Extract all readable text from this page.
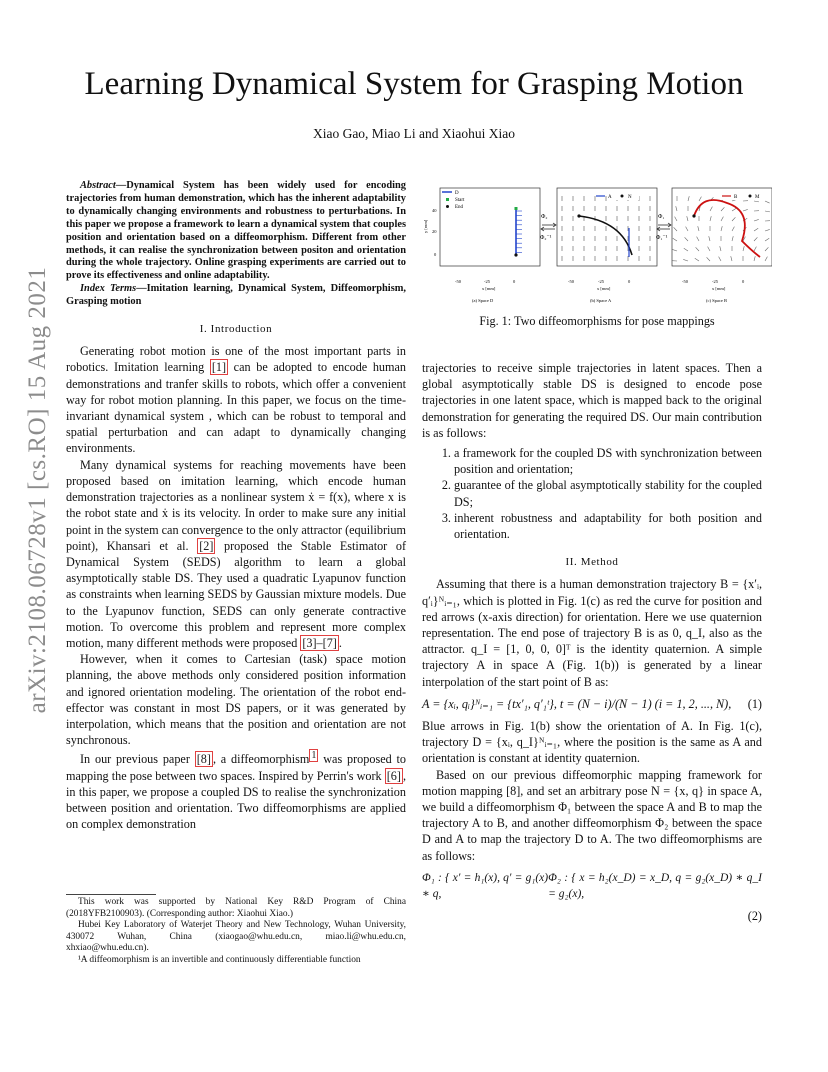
arXiv:2108.06728v1 [cs.RO] 15 Aug 2021
Learning Dynamical System for Grasping Motion
Xiao Gao, Miao Li and Xiaohui Xiao

Abstract—Dynamical System has been widely used for encoding trajectories from human demonstration, which has the inherent adaptability to dynamically changing environments and robustness to perturbations. In this paper we propose a framework to learn a dynamical system that couples position and orientation based on a diffeomorphism. Different from other methods, it can realise the synchronization between positon and orientation during the whole trajectory. Online grasping experiments are carried out to prove its effectiveness and online adaptability.

Index Terms—Imitation learning, Dynamical System, Diffeomorphism, Grasping motion

I. Introduction

Generating robot motion is one of the most important parts in robotics. Imitation learning [1] can be adopted to encode human demonstrations and tranfer skills to robots, which offer a convenient way for robot motion planning. In this paper, we focus on the time-invariant dynamical system , which can be robust to temporal and spatial perturbation and can adapt to dynamically changing environments.

Many dynamical systems for reaching movements have been proposed based on imitation learning, which encode human demonstration trajectories as a nonlinear system ẋ = f(x), where x is the robot state and ẋ is its velocity. In order to make sure any initial point in the system can convergence to the only attractor (equilibrium point), Khansari et al. [2] proposed the Stable Estimator of Dynamical System (SEDS) algorithm to learn a global asymptotically stable DS. They used a quadratic Lyapunov function as constraints when learning SEDS by Gaussian mixture models. Due to the Lyapunov function, SEDS can only generate contractive motion. To overcome this problem and represent more complex motion, many different methods were proposed [3]–[7] .

However, when it comes to Cartesian (task) space motion planning, the above methods only considered position information and ignored orientation modeling. The orientation of the robot end-effector was constant in most DS papers, or it was generated by interpolation, which means that the position and orientation are not synchronous.

In our previous paper [8] , a diffeomorphism $^1$ was proposed to mapping the pose between two spaces. Inspired by Perrin's work [6] , in this paper, we propose a coupled DS to realise the synchronization between position and orientation. Two diffeomorphisms are applied on complex demonstration

This work was supported by National Key R&D Program of China (2018YFB2100903). (Corresponding author: Xiaohui Xiao.)

Hubei Key Laboratory of Waterjet Theory and New Technology, Wuhan University, 430072 Wuhan, China (xiaogao@whu.edu.cn, miao.li@whu.edu.cn, xhxiao@whu.edu.cn).

¹A diffeomorphism is an invertible and continuously differentiable function

D
Start
End
40
20
0
y [mm]
-50	-25	0
x [mm]
(a) Space D
Φ₂
Φ₂⁻¹
A	N
-50	-25	0
x [mm]
(b) Space A
Φ₁
Φ₁⁻¹
B	M
-50	-25	0
x [mm]
(c) Space B
Fig. 1: Two diffeomorphisms for pose mappings

trajectories to receive simple trajectories in latent spaces. Then a global asymptotically stable DS is designed to encode pose trajectories in one latent space, which is mapped back to the original demonstration for generating the required DS. Our main contribution is as follows:

1. a framework for the coupled DS with synchronization between position and orientation;
2. guarantee of the global asymptotically stability for the coupled DS;
3. inherent robustness and adaptability for both position and orientation.
II. Method

Assuming that there is a human demonstration trajectory B = {x′ᵢ, q′ᵢ}ᴺᵢ₌₁, which is plotted in Fig. 1(c) as red the curve for position and red arrows (x-axis direction) for orientation. Here we use quaternion representation. The end pose of trajectory B is as 0, q_I, also as the attractor. q_I = [1, 0, 0, 0]ᵀ is the identity quaternion. A simple trajectory A in space A (Fig. 1(b)) is generated by a linear interpolation of the start point of B as:

A = {xᵢ, qᵢ}ᴺᵢ₌₁ = {tx′₁, q′₁ᵗ}, t = (N − i)/(N − 1) (i = 1, 2, ..., N), (1)

Blue arrows in Fig. 1(b) show the orientation of A. In Fig. 1(c), trajectory D = {xᵢ, q_I}ᴺᵢ₌₁, where the position is the same as A and orientation is constant at identity quaternion.

Based on our previous diffeomorphic mapping framework for motion mapping [8], and set an arbitrary pose N = {x, q} in space A, we build a diffeomorphism Φ₁ between the space A and B to map the trajectory A to B, and another diffeomorphism Φ₂ between the space D and A to map the trajectory D to A. The two diffeomorphisms are as follows:

Φ₁ : { x′ = h₁(x), q′ = g₁(x) ∗ q,
Φ₂ : { x = h₂(x_D) = x_D, q = g₂(x_D) ∗ q_I = g₂(x),
(2)
